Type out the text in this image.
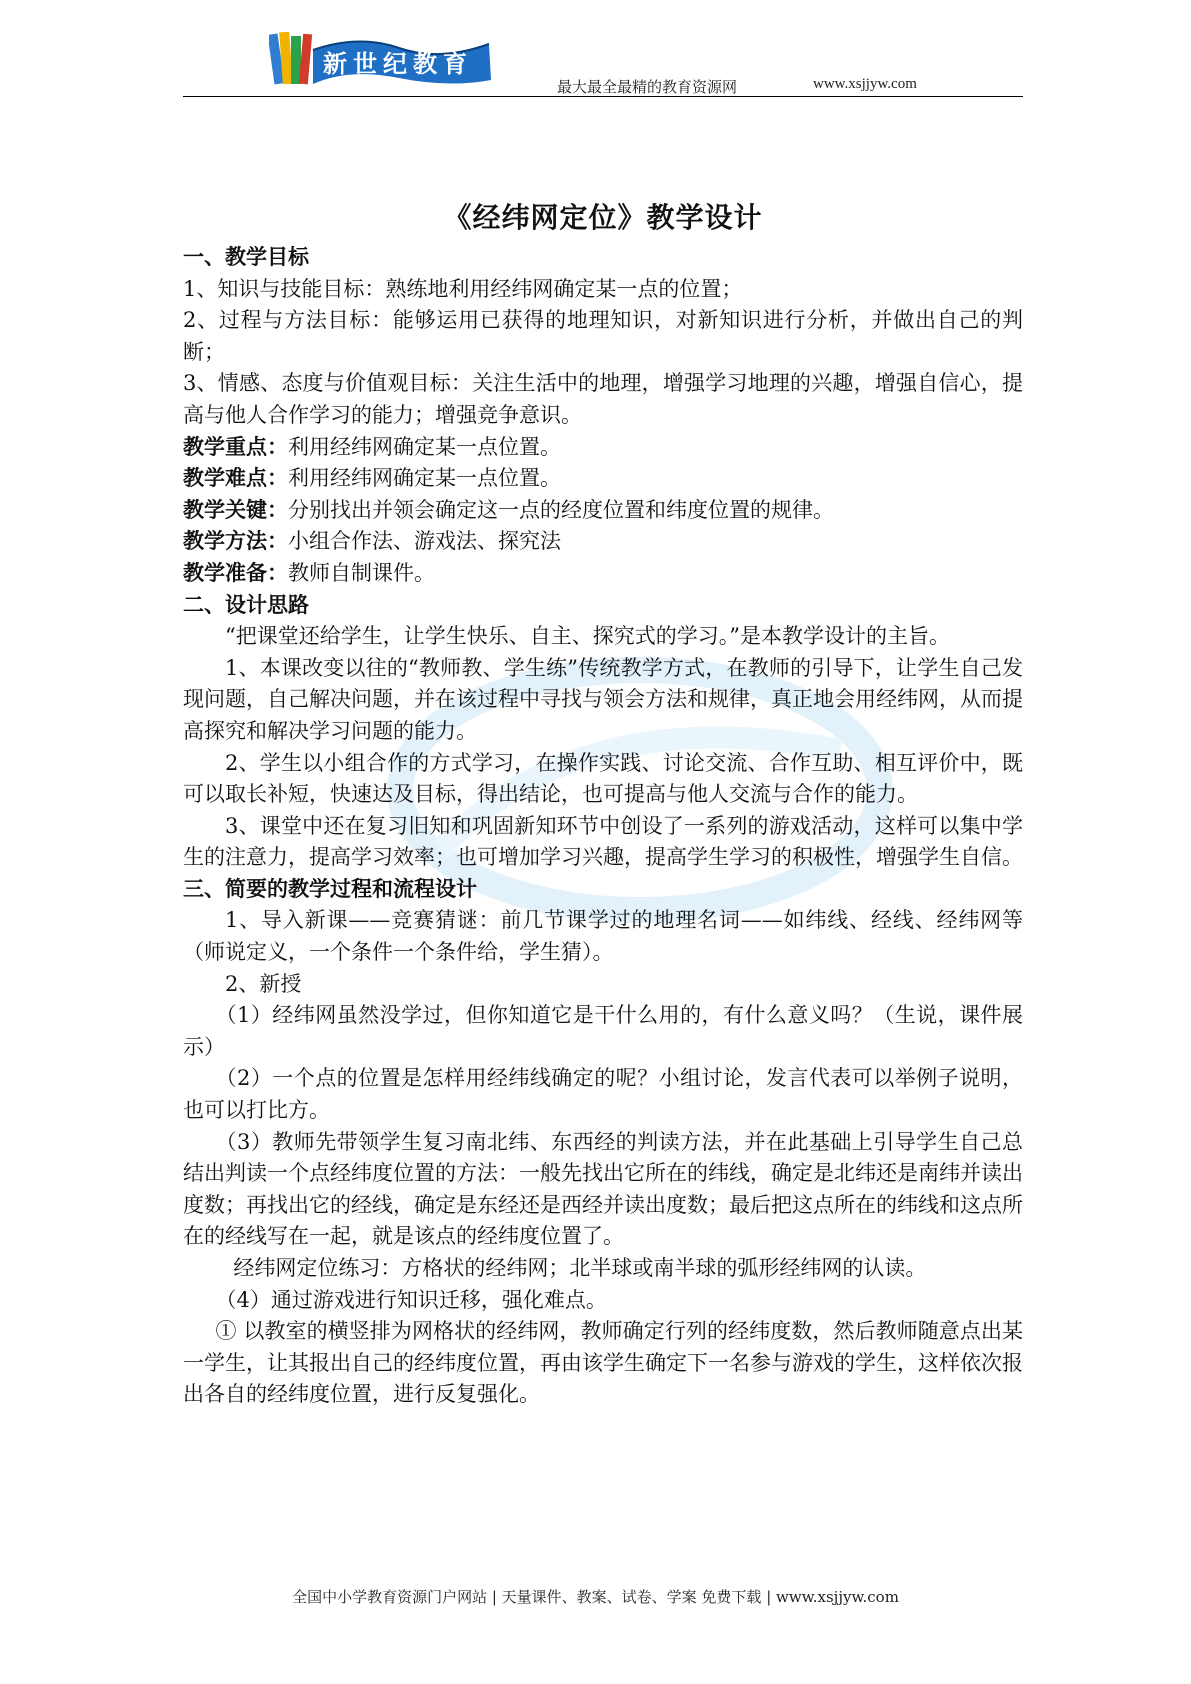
新世纪教育
最大最全最精的教育资源网	www.xsjjyw.com
《经纬网定位》教学设计
一、教学目标

1、知识与技能目标：熟练地利用经纬网确定某一点的位置；

2、过程与方法目标：能够运用已获得的地理知识，对新知识进行分析，并做出自己的判断；

3、情感、态度与价值观目标：关注生活中的地理，增强学习地理的兴趣，增强自信心，提高与他人合作学习的能力；增强竞争意识。

教学重点：利用经纬网确定某一点位置。

教学难点：利用经纬网确定某一点位置。

教学关键：分别找出并领会确定这一点的经度位置和纬度位置的规律。

教学方法：小组合作法、游戏法、探究法

教学准备：教师自制课件。

二、设计思路

“把课堂还给学生，让学生快乐、自主、探究式的学习。”是本教学设计的主旨。

1、本课改变以往的“教师教、学生练”传统教学方式，在教师的引导下，让学生自己发现问题，自己解决问题，并在该过程中寻找与领会方法和规律，真正地会用经纬网，从而提高探究和解决学习问题的能力。

2、学生以小组合作的方式学习，在操作实践、讨论交流、合作互助、相互评价中，既可以取长补短，快速达及目标，得出结论，也可提高与他人交流与合作的能力。

3、课堂中还在复习旧知和巩固新知环节中创设了一系列的游戏活动，这样可以集中学生的注意力，提高学习效率；也可增加学习兴趣，提高学生学习的积极性，增强学生自信。

三、简要的教学过程和流程设计

1、导入新课——竞赛猜谜：前几节课学过的地理名词——如纬线、经线、经纬网等（师说定义，一个条件一个条件给，学生猜）。

2、新授

（1）经纬网虽然没学过，但你知道它是干什么用的，有什么意义吗？（生说，课件展示）

（2）一个点的位置是怎样用经纬线确定的呢？小组讨论，发言代表可以举例子说明，也可以打比方。

（3）教师先带领学生复习南北纬、东西经的判读方法，并在此基础上引导学生自己总结出判读一个点经纬度位置的方法：一般先找出它所在的纬线，确定是北纬还是南纬并读出度数；再找出它的经线，确定是东经还是西经并读出度数；最后把这点所在的纬线和这点所在的经线写在一起，就是该点的经纬度位置了。

经纬网定位练习：方格状的经纬网；北半球或南半球的弧形经纬网的认读。

（4）通过游戏进行知识迁移，强化难点。

① 以教室的横竖排为网格状的经纬网，教师确定行列的经纬度数，然后教师随意点出某一学生，让其报出自己的经纬度位置，再由该学生确定下一名参与游戏的学生，这样依次报出各自的经纬度位置，进行反复强化。

全国中小学教育资源门户网站 | 天量课件、教案、试卷、学案 免费下载 | www.xsjjyw.com
